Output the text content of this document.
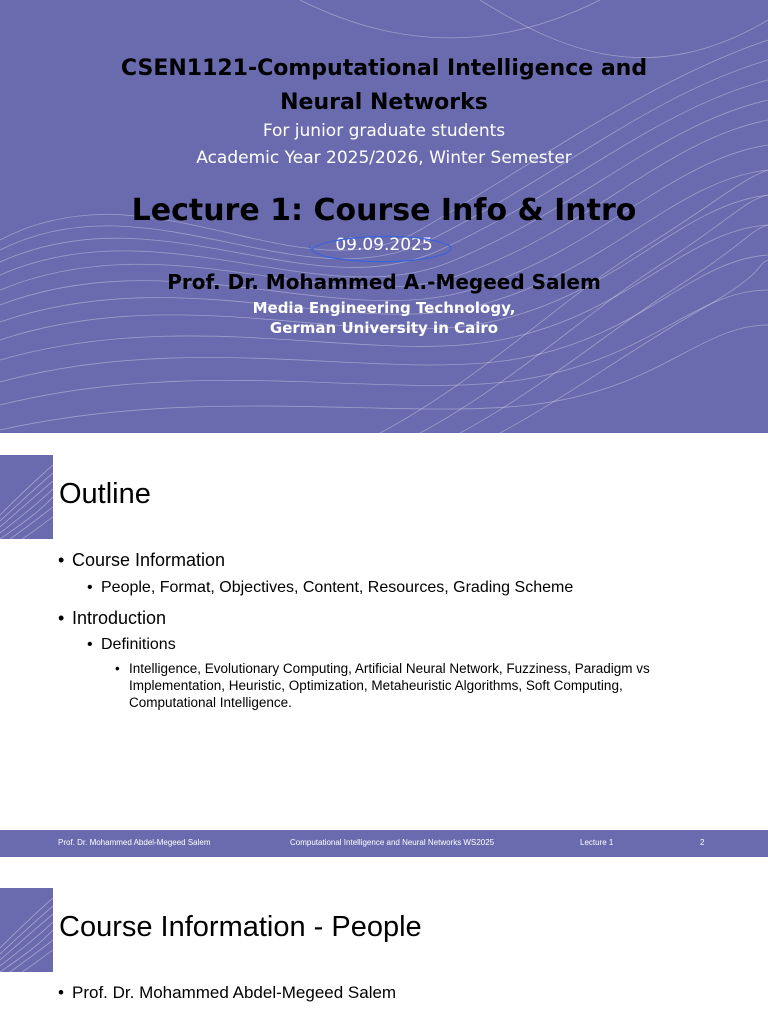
CSEN1121-Computational Intelligence and
Neural Networks
For junior graduate students
Academic Year 2025/2026, Winter Semester
Lecture 1: Course Info & Intro
09.09.2025
Prof. Dr. Mohammed A.-Megeed Salem
Media Engineering Technology,
German University in Cairo
Outline
• Course Information
• People, Format, Objectives, Content, Resources, Grading Scheme
• Introduction
• Definitions
• Intelligence, Evolutionary Computing, Artificial Neural Network, Fuzziness, Paradigm vs Implementation, Heuristic, Optimization, Metaheuristic Algorithms, Soft Computing, Computational Intelligence.
Prof. Dr. Mohammed Abdel-Megeed Salem	Computational Intelligence and Neural Networks WS2025	Lecture 1	2
Course Information - People
• Prof. Dr. Mohammed Abdel-Megeed Salem
